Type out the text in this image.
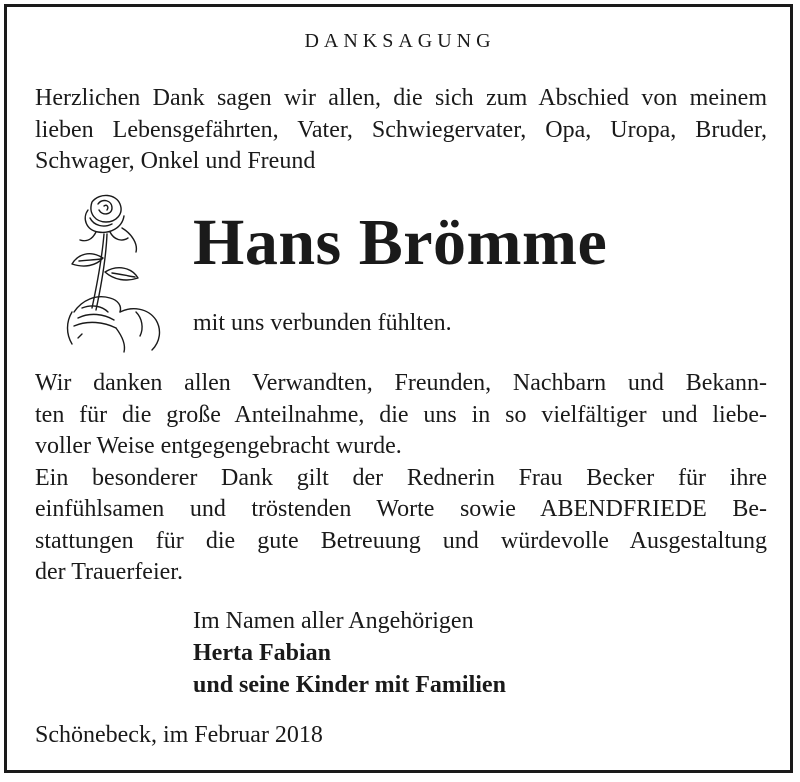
DANKSAGUNG
Herzlichen Dank sagen wir allen, die sich zum Abschied von meinem lieben Lebensgefährten, Vater, Schwiegervater, Opa, Uropa, Bruder, Schwager, Onkel und Freund
Hans Brömme
mit uns verbunden fühlten.
Wir danken allen Verwandten, Freunden, Nachbarn und Bekann-
ten für die große Anteilnahme, die uns in so vielfältiger und liebe-
voller Weise entgegengebracht wurde.
Ein besonderer Dank gilt der Rednerin Frau Becker für ihre
einfühlsamen und tröstenden Worte sowie ABENDFRIEDE Be-
stattungen für die gute Betreuung und würdevolle Ausgestaltung
der Trauerfeier.
Im Namen aller Angehörigen
Herta Fabian
und seine Kinder mit Familien
Schönebeck, im Februar 2018
